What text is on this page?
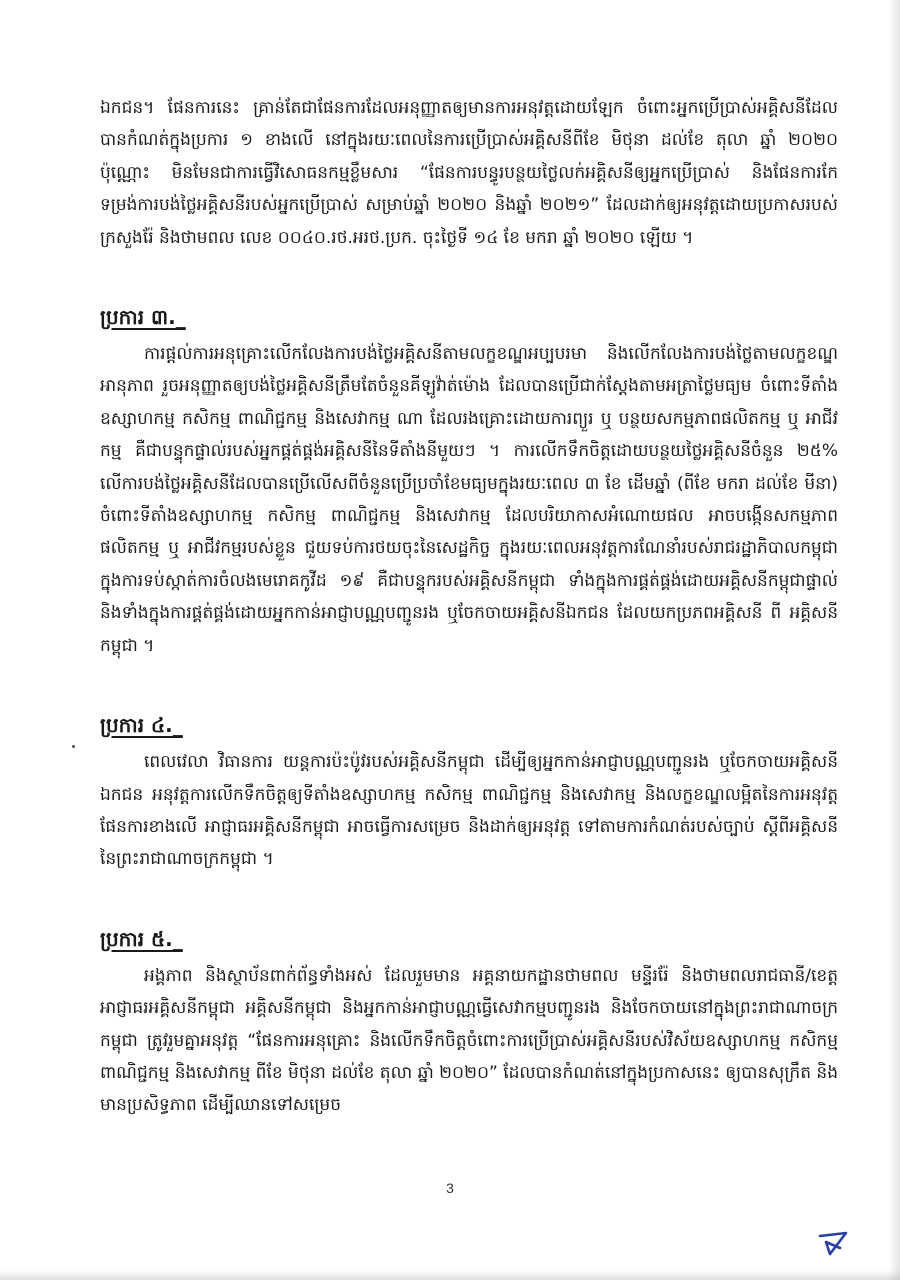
ឯកជន។ ផែនការនេះ គ្រាន់តែជាផែនការដែលអនុញ្ញាតឲ្យមានការអនុវត្តដោយឡែក ចំពោះអ្នកប្រើប្រាស់អគ្គិសនីដែលបានកំណត់ក្នុងប្រការ ១ ខាងលើ នៅក្នុងរយៈពេលនៃការប្រើប្រាស់អគ្គិសនីពីខែ មិថុនា ដល់ខែ តុលា ឆ្នាំ ២០២០ ប៉ុណ្ណោះ មិនមែនជាការធ្វើវិសោធនកម្មខ្លឹមសារ “ផែនការបន្ធូរបន្ថយថ្លៃលក់អគ្គិសនីឲ្យអ្នកប្រើប្រាស់ និងផែនការកែទម្រង់ការបង់ថ្លៃអគ្គិសនីរបស់អ្នកប្រើប្រាស់ សម្រាប់ឆ្នាំ ២០២០ និងឆ្នាំ ២០២១” ដែលដាក់ឲ្យអនុវត្តដោយប្រកាសរបស់ក្រសួងរ៉ែ និងថាមពល លេខ ០០៤០.រថ.អរថ.ប្រក. ចុះថ្ងៃទី ១៤ ខែ មករា ឆ្នាំ ២០២០ ឡើយ ។

ប្រការ ៣._

ការផ្តល់ការអនុគ្រោះលើកលែងការបង់ថ្លៃអគ្គិសនីតាមលក្ខខណ្ឌអប្បបរមា និងលើកលែងការបង់ថ្លៃតាមលក្ខខណ្ឌអានុភាព រួចអនុញ្ញាតឲ្យបង់ថ្លៃអគ្គិសនីត្រឹមតែចំនួនគីឡូវ៉ាត់ម៉ោង ដែលបានប្រើជាក់ស្តែងតាមអត្រាថ្លៃមធ្យម ចំពោះទីតាំងឧស្សាហកម្ម កសិកម្ម ពាណិជ្ជកម្ម និងសេវាកម្ម ណា ដែលរងគ្រោះដោយការព្យួរ ឬ បន្ថយសកម្មភាពផលិតកម្ម ឬ អាជីវកម្ម គឺជាបន្ទុកផ្ទាល់របស់អ្នកផ្គត់ផ្គង់អគ្គិសនីនៃទីតាំងនីមួយៗ ។ ការលើកទឹកចិត្តដោយបន្ថយថ្លៃអគ្គិសនីចំនួន ២៥% លើការបង់ថ្លៃអគ្គិសនីដែលបានប្រើលើសពីចំនួនប្រើប្រចាំខែមធ្យមក្នុងរយៈពេល ៣ ខែ ដើមឆ្នាំ (ពីខែ មករា ដល់ខែ មីនា) ចំពោះទីតាំងឧស្សាហកម្ម កសិកម្ម ពាណិជ្ជកម្ម និងសេវាកម្ម ដែលបរិយាកាសអំណោយផល អាចបង្កើនសកម្មភាពផលិតកម្ម ឬ អាជីវកម្មរបស់ខ្លួន ជួយទប់ការថយចុះនៃសេដ្ឋកិច្ច ក្នុងរយៈពេលអនុវត្តការណែនាំរបស់រាជរដ្ឋាភិបាលកម្ពុជា ក្នុងការទប់ស្កាត់ការចំលងមេរោគកូវីដ ១៩ គឺជាបន្ទុករបស់អគ្គិសនីកម្ពុជា ទាំងក្នុងការផ្គត់ផ្គង់ដោយអគ្គិសនីកម្ពុជាផ្ទាល់ និងទាំងក្នុងការផ្គត់ផ្គង់ដោយអ្នកកាន់អាជ្ញាបណ្ណបញ្ជូនរង ឬចែកចាយអគ្គិសនីឯកជន ដែលយកប្រភពអគ្គិសនី ពី អគ្គិសនីកម្ពុជា ។

ប្រការ ៤._

ពេលវេលា វិធានការ យន្តការប៉ះប៉ូវរបស់អគ្គិសនីកម្ពុជា ដើម្បីឲ្យអ្នកកាន់អាជ្ញាបណ្ណបញ្ជូនរង ឬចែកចាយអគ្គិសនីឯកជន អនុវត្តការលើកទឹកចិត្តឲ្យទីតាំងឧស្សាហកម្ម កសិកម្ម ពាណិជ្ជកម្ម និងសេវាកម្ម និងលក្ខខណ្ឌលម្អិតនៃការអនុវត្តផែនការខាងលើ អាជ្ញាធរអគ្គិសនីកម្ពុជា អាចធ្វើការសម្រេច និងដាក់ឲ្យអនុវត្ត ទៅតាមការកំណត់របស់ច្បាប់ ស្តីពីអគ្គិសនី នៃព្រះរាជាណាចក្រកម្ពុជា ។

ប្រការ ៥._

អង្គភាព និងស្ថាប័នពាក់ព័ន្ធទាំងអស់ ដែលរួមមាន អគ្គនាយកដ្ឋានថាមពល មន្ទីររ៉ែ និងថាមពលរាជធានី/ខេត្ត អាជ្ញាធរអគ្គិសនីកម្ពុជា អគ្គិសនីកម្ពុជា និងអ្នកកាន់អាជ្ញាបណ្ណធ្វើសេវាកម្មបញ្ជូនរង និងចែកចាយនៅក្នុងព្រះរាជាណាចក្រកម្ពុជា ត្រូវរួមគ្នាអនុវត្ត “ផែនការអនុគ្រោះ និងលើកទឹកចិត្តចំពោះការប្រើប្រាស់អគ្គិសនីរបស់វិស័យឧស្សាហកម្ម កសិកម្ម ពាណិជ្ជកម្ម និងសេវាកម្ម ពីខែ មិថុនា ដល់ខែ តុលា ឆ្នាំ ២០២០” ដែលបានកំណត់នៅក្នុងប្រកាសនេះ ឲ្យបានសុក្រឹត និងមានប្រសិទ្ធភាព ដើម្បីឈានទៅសម្រេច

3
